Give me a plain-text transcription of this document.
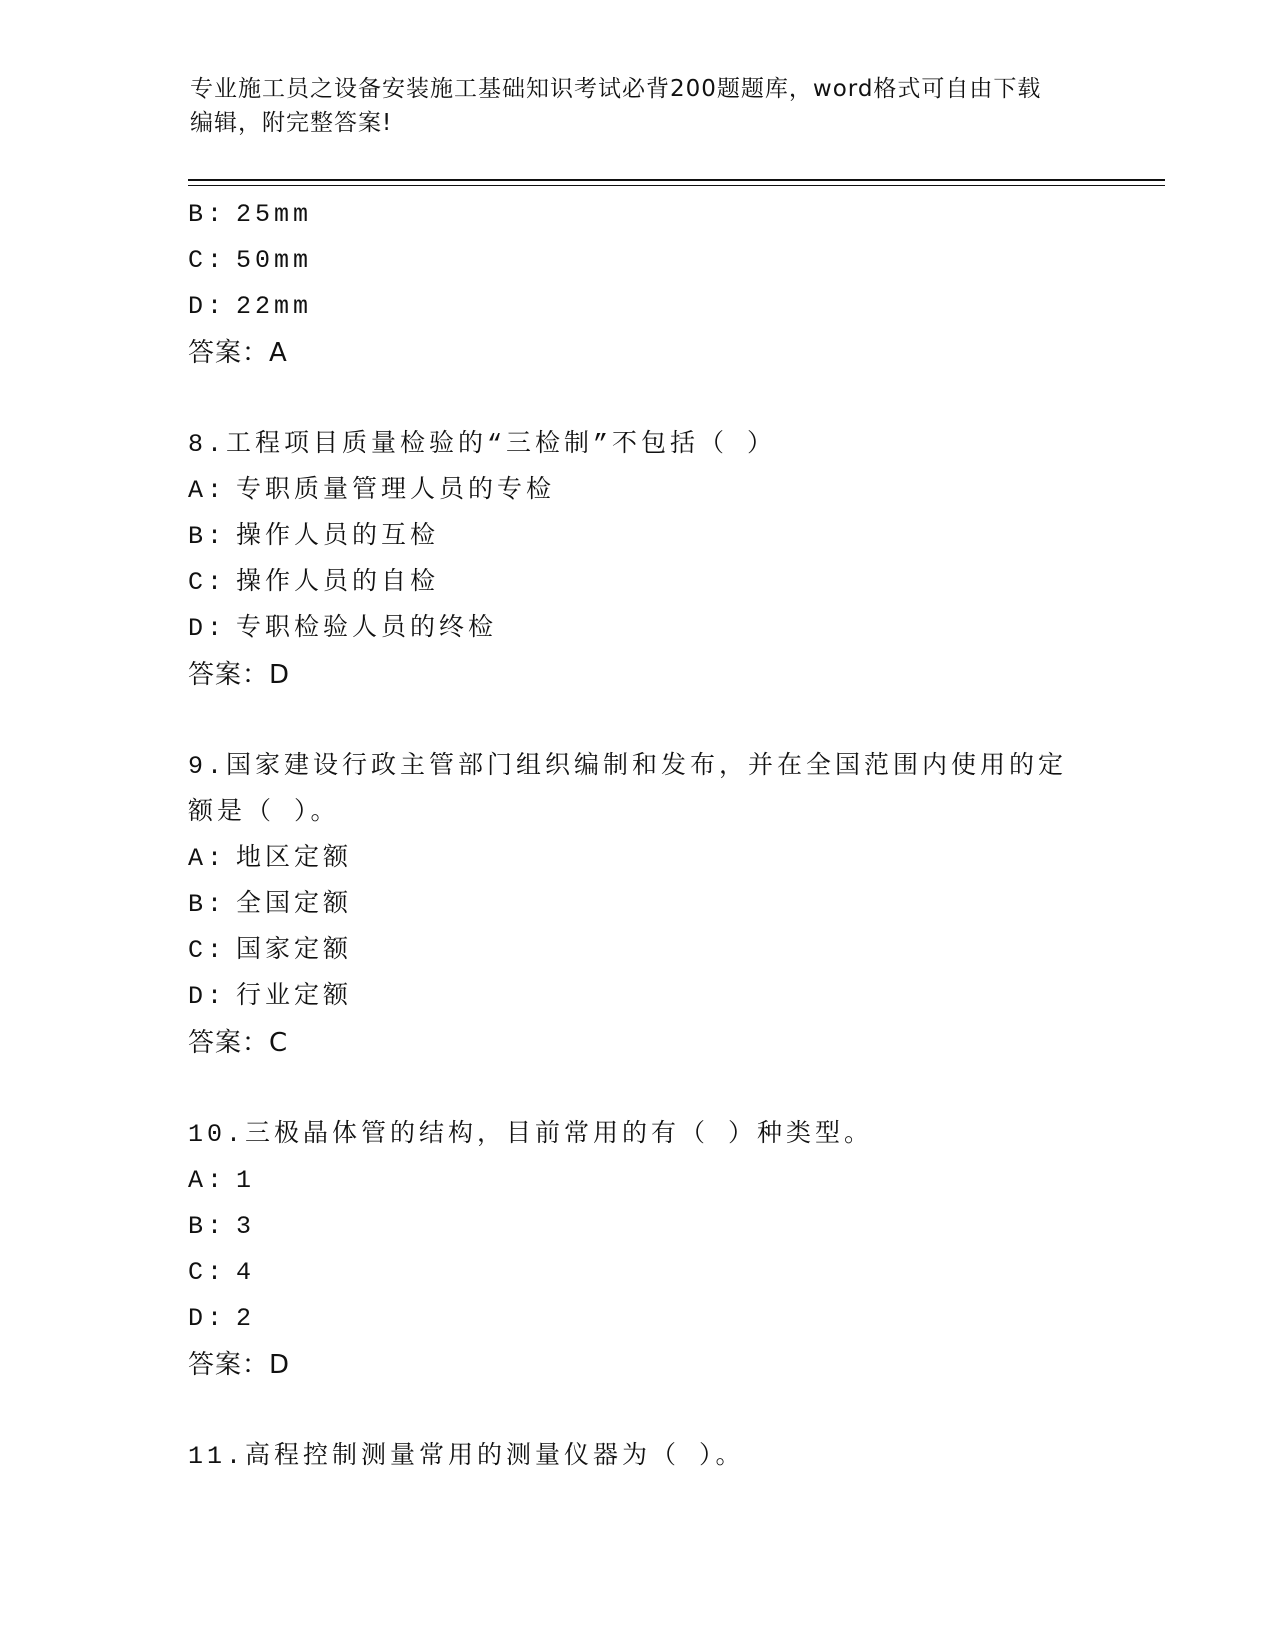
专业施工员之设备安装施工基础知识考试必背200题题库，word格式可自由下载
编辑，附完整答案!
B: 25mm
C: 50mm
D: 22mm
答案：A
8.工程项目质量检验的“三检制”不包括（ ）
A: 专职质量管理人员的专检
B: 操作人员的互检
C: 操作人员的自检
D: 专职检验人员的终检
答案：D
9.国家建设行政主管部门组织编制和发布，并在全国范围内使用的定
额是（ ）。
A: 地区定额
B: 全国定额
C: 国家定额
D: 行业定额
答案：C
10.三极晶体管的结构，目前常用的有（ ）种类型。
A: 1
B: 3
C: 4
D: 2
答案：D
11.高程控制测量常用的测量仪器为（ ）。
